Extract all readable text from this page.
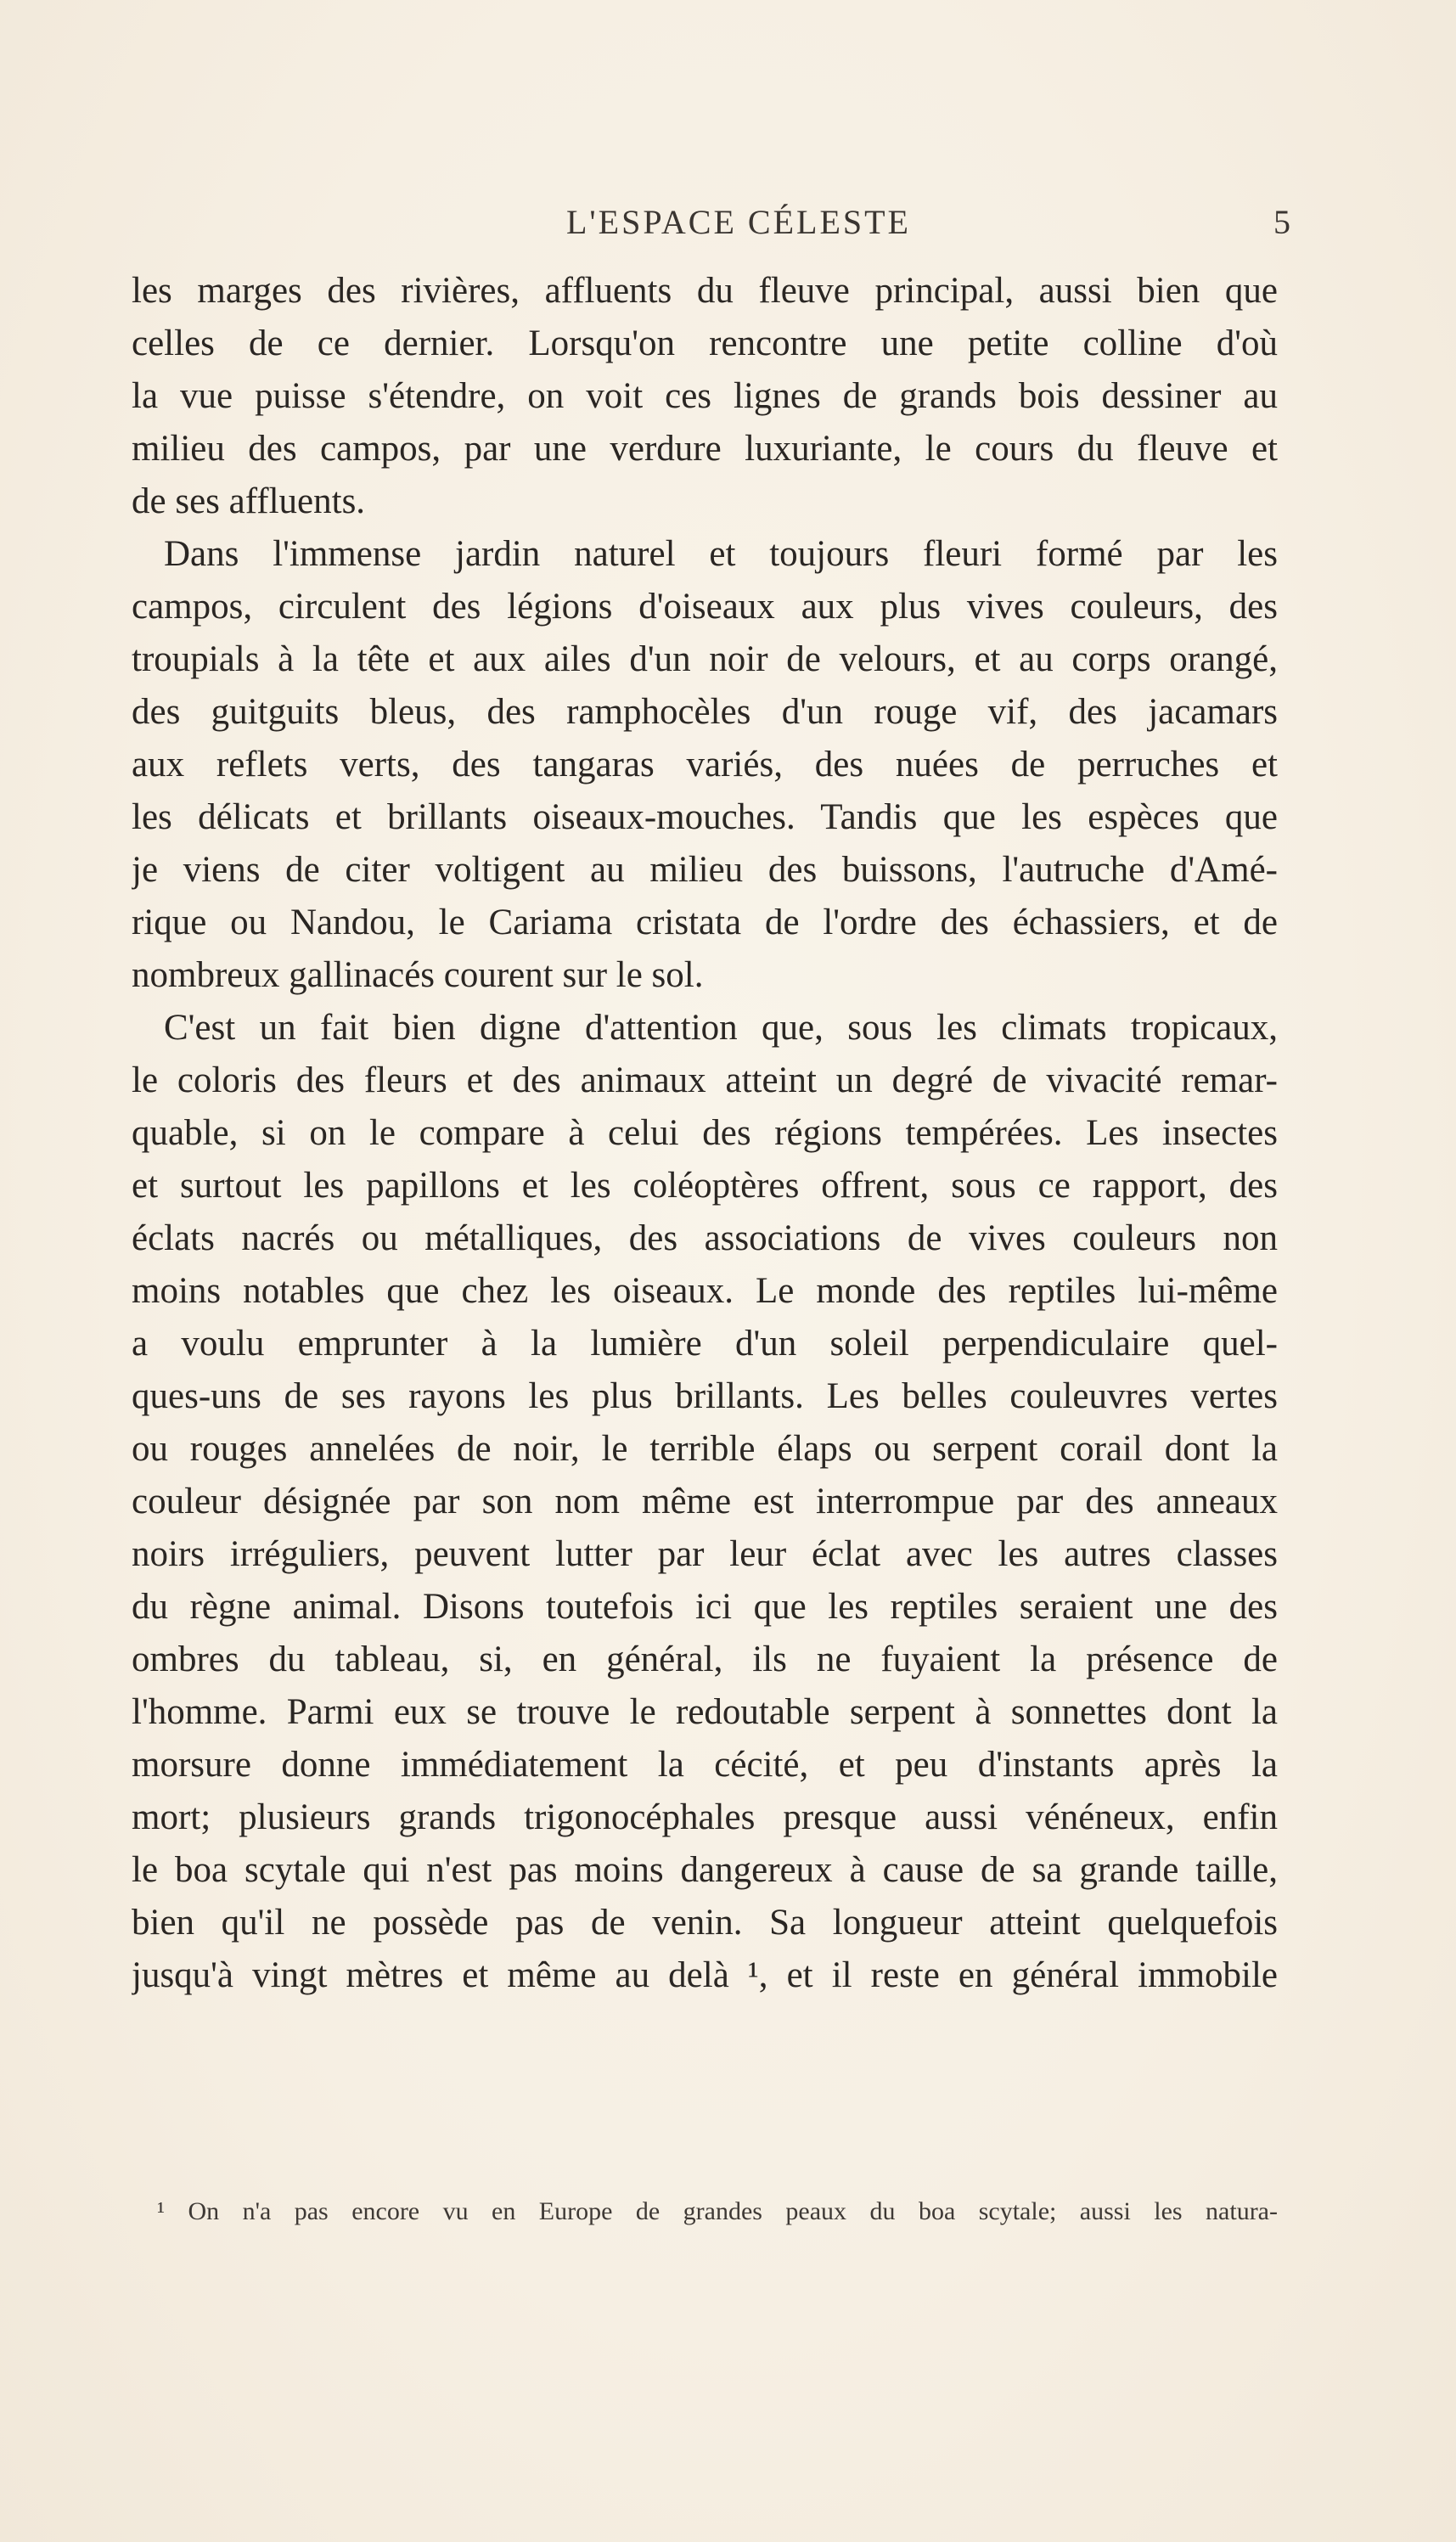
L'ESPACE CÉLESTE	5
les marges des rivières, affluents du fleuve principal, aussi bien que
celles de ce dernier. Lorsqu'on rencontre une petite colline d'où
la vue puisse s'étendre, on voit ces lignes de grands bois dessiner au
milieu des campos, par une verdure luxuriante, le cours du fleuve et
de ses affluents.
Dans l'immense jardin naturel et toujours fleuri formé par les
campos, circulent des légions d'oiseaux aux plus vives couleurs, des
troupials à la tête et aux ailes d'un noir de velours, et au corps orangé,
des guitguits bleus, des ramphocèles d'un rouge vif, des jacamars
aux reflets verts, des tangaras variés, des nuées de perruches et
les délicats et brillants oiseaux-mouches. Tandis que les espèces que
je viens de citer voltigent au milieu des buissons, l'autruche d'Amé-
rique ou Nandou, le Cariama cristata de l'ordre des échassiers, et de
nombreux gallinacés courent sur le sol.
C'est un fait bien digne d'attention que, sous les climats tropicaux,
le coloris des fleurs et des animaux atteint un degré de vivacité remar-
quable, si on le compare à celui des régions tempérées. Les insectes
et surtout les papillons et les coléoptères offrent, sous ce rapport, des
éclats nacrés ou métalliques, des associations de vives couleurs non
moins notables que chez les oiseaux. Le monde des reptiles lui-même
a voulu emprunter à la lumière d'un soleil perpendiculaire quel-
ques-uns de ses rayons les plus brillants. Les belles couleuvres vertes
ou rouges annelées de noir, le terrible élaps ou serpent corail dont la
couleur désignée par son nom même est interrompue par des anneaux
noirs irréguliers, peuvent lutter par leur éclat avec les autres classes
du règne animal. Disons toutefois ici que les reptiles seraient une des
ombres du tableau, si, en général, ils ne fuyaient la présence de
l'homme. Parmi eux se trouve le redoutable serpent à sonnettes dont la
morsure donne immédiatement la cécité, et peu d'instants après la
mort; plusieurs grands trigonocéphales presque aussi vénéneux, enfin
le boa scytale qui n'est pas moins dangereux à cause de sa grande taille,
bien qu'il ne possède pas de venin. Sa longueur atteint quelquefois
jusqu'à vingt mètres et même au delà ¹, et il reste en général immobile
¹ On n'a pas encore vu en Europe de grandes peaux du boa scytale; aussi les natura-
